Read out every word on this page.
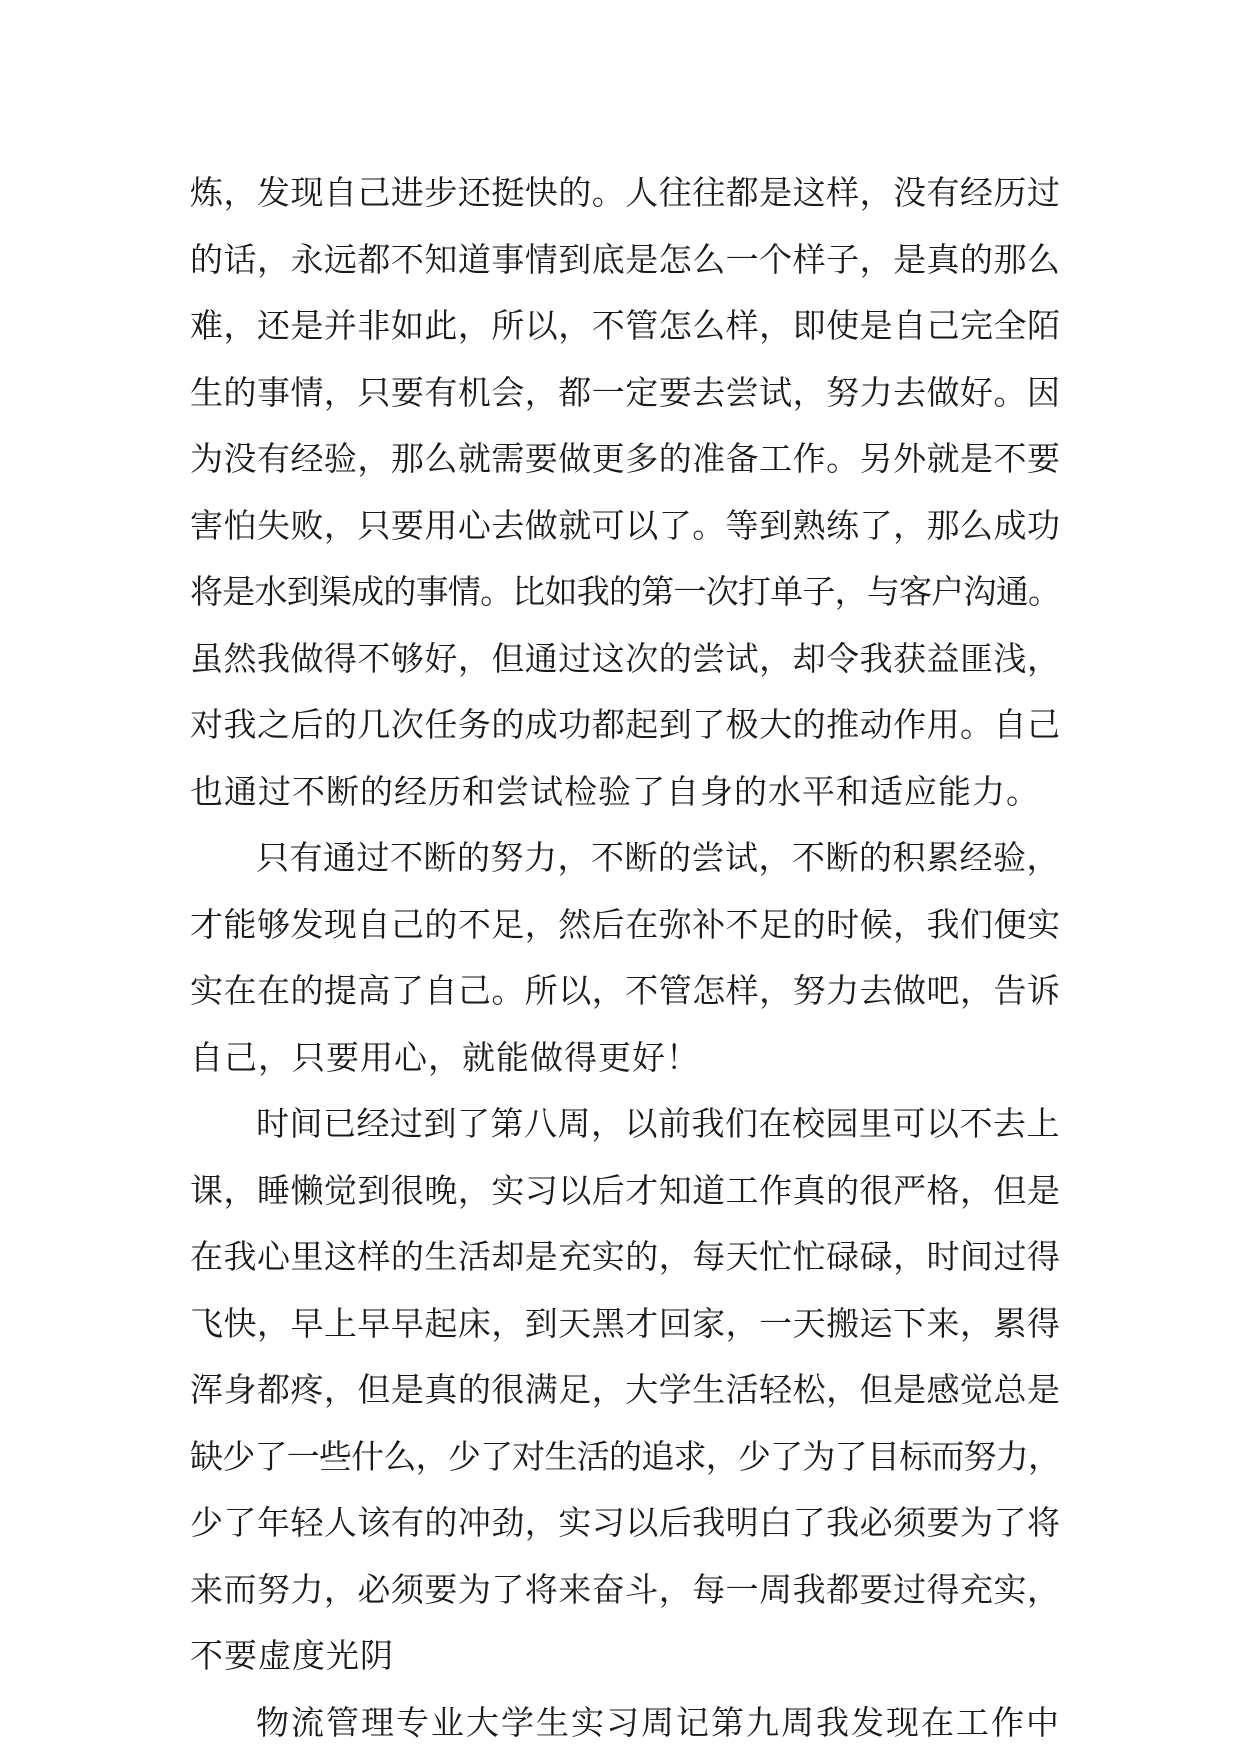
炼，发现自己进步还挺快的。人往往都是这样，没有经历过
的话，永远都不知道事情到底是怎么一个样子，是真的那么
难，还是并非如此，所以，不管怎么样，即使是自己完全陌
生的事情，只要有机会，都一定要去尝试，努力去做好。因
为没有经验，那么就需要做更多的准备工作。另外就是不要
害怕失败，只要用心去做就可以了。等到熟练了，那么成功
将是水到渠成的事情。比如我的第一次打单子，与客户沟通。
虽然我做得不够好，但通过这次的尝试，却令我获益匪浅，
对我之后的几次任务的成功都起到了极大的推动作用。自己
也通过不断的经历和尝试检验了自身的水平和适应能力。
只有通过不断的努力，不断的尝试，不断的积累经验，
才能够发现自己的不足，然后在弥补不足的时候，我们便实
实在在的提高了自己。所以，不管怎样，努力去做吧，告诉
自己，只要用心，就能做得更好！
时间已经过到了第八周，以前我们在校园里可以不去上
课，睡懒觉到很晚，实习以后才知道工作真的很严格，但是
在我心里这样的生活却是充实的，每天忙忙碌碌，时间过得
飞快，早上早早起床，到天黑才回家，一天搬运下来，累得
浑身都疼，但是真的很满足，大学生活轻松，但是感觉总是
缺少了一些什么，少了对生活的追求，少了为了目标而努力，
少了年轻人该有的冲劲，实习以后我明白了我必须要为了将
来而努力，必须要为了将来奋斗，每一周我都要过得充实，
不要虚度光阴
物流管理专业大学生实习周记第九周我发现在工作中
